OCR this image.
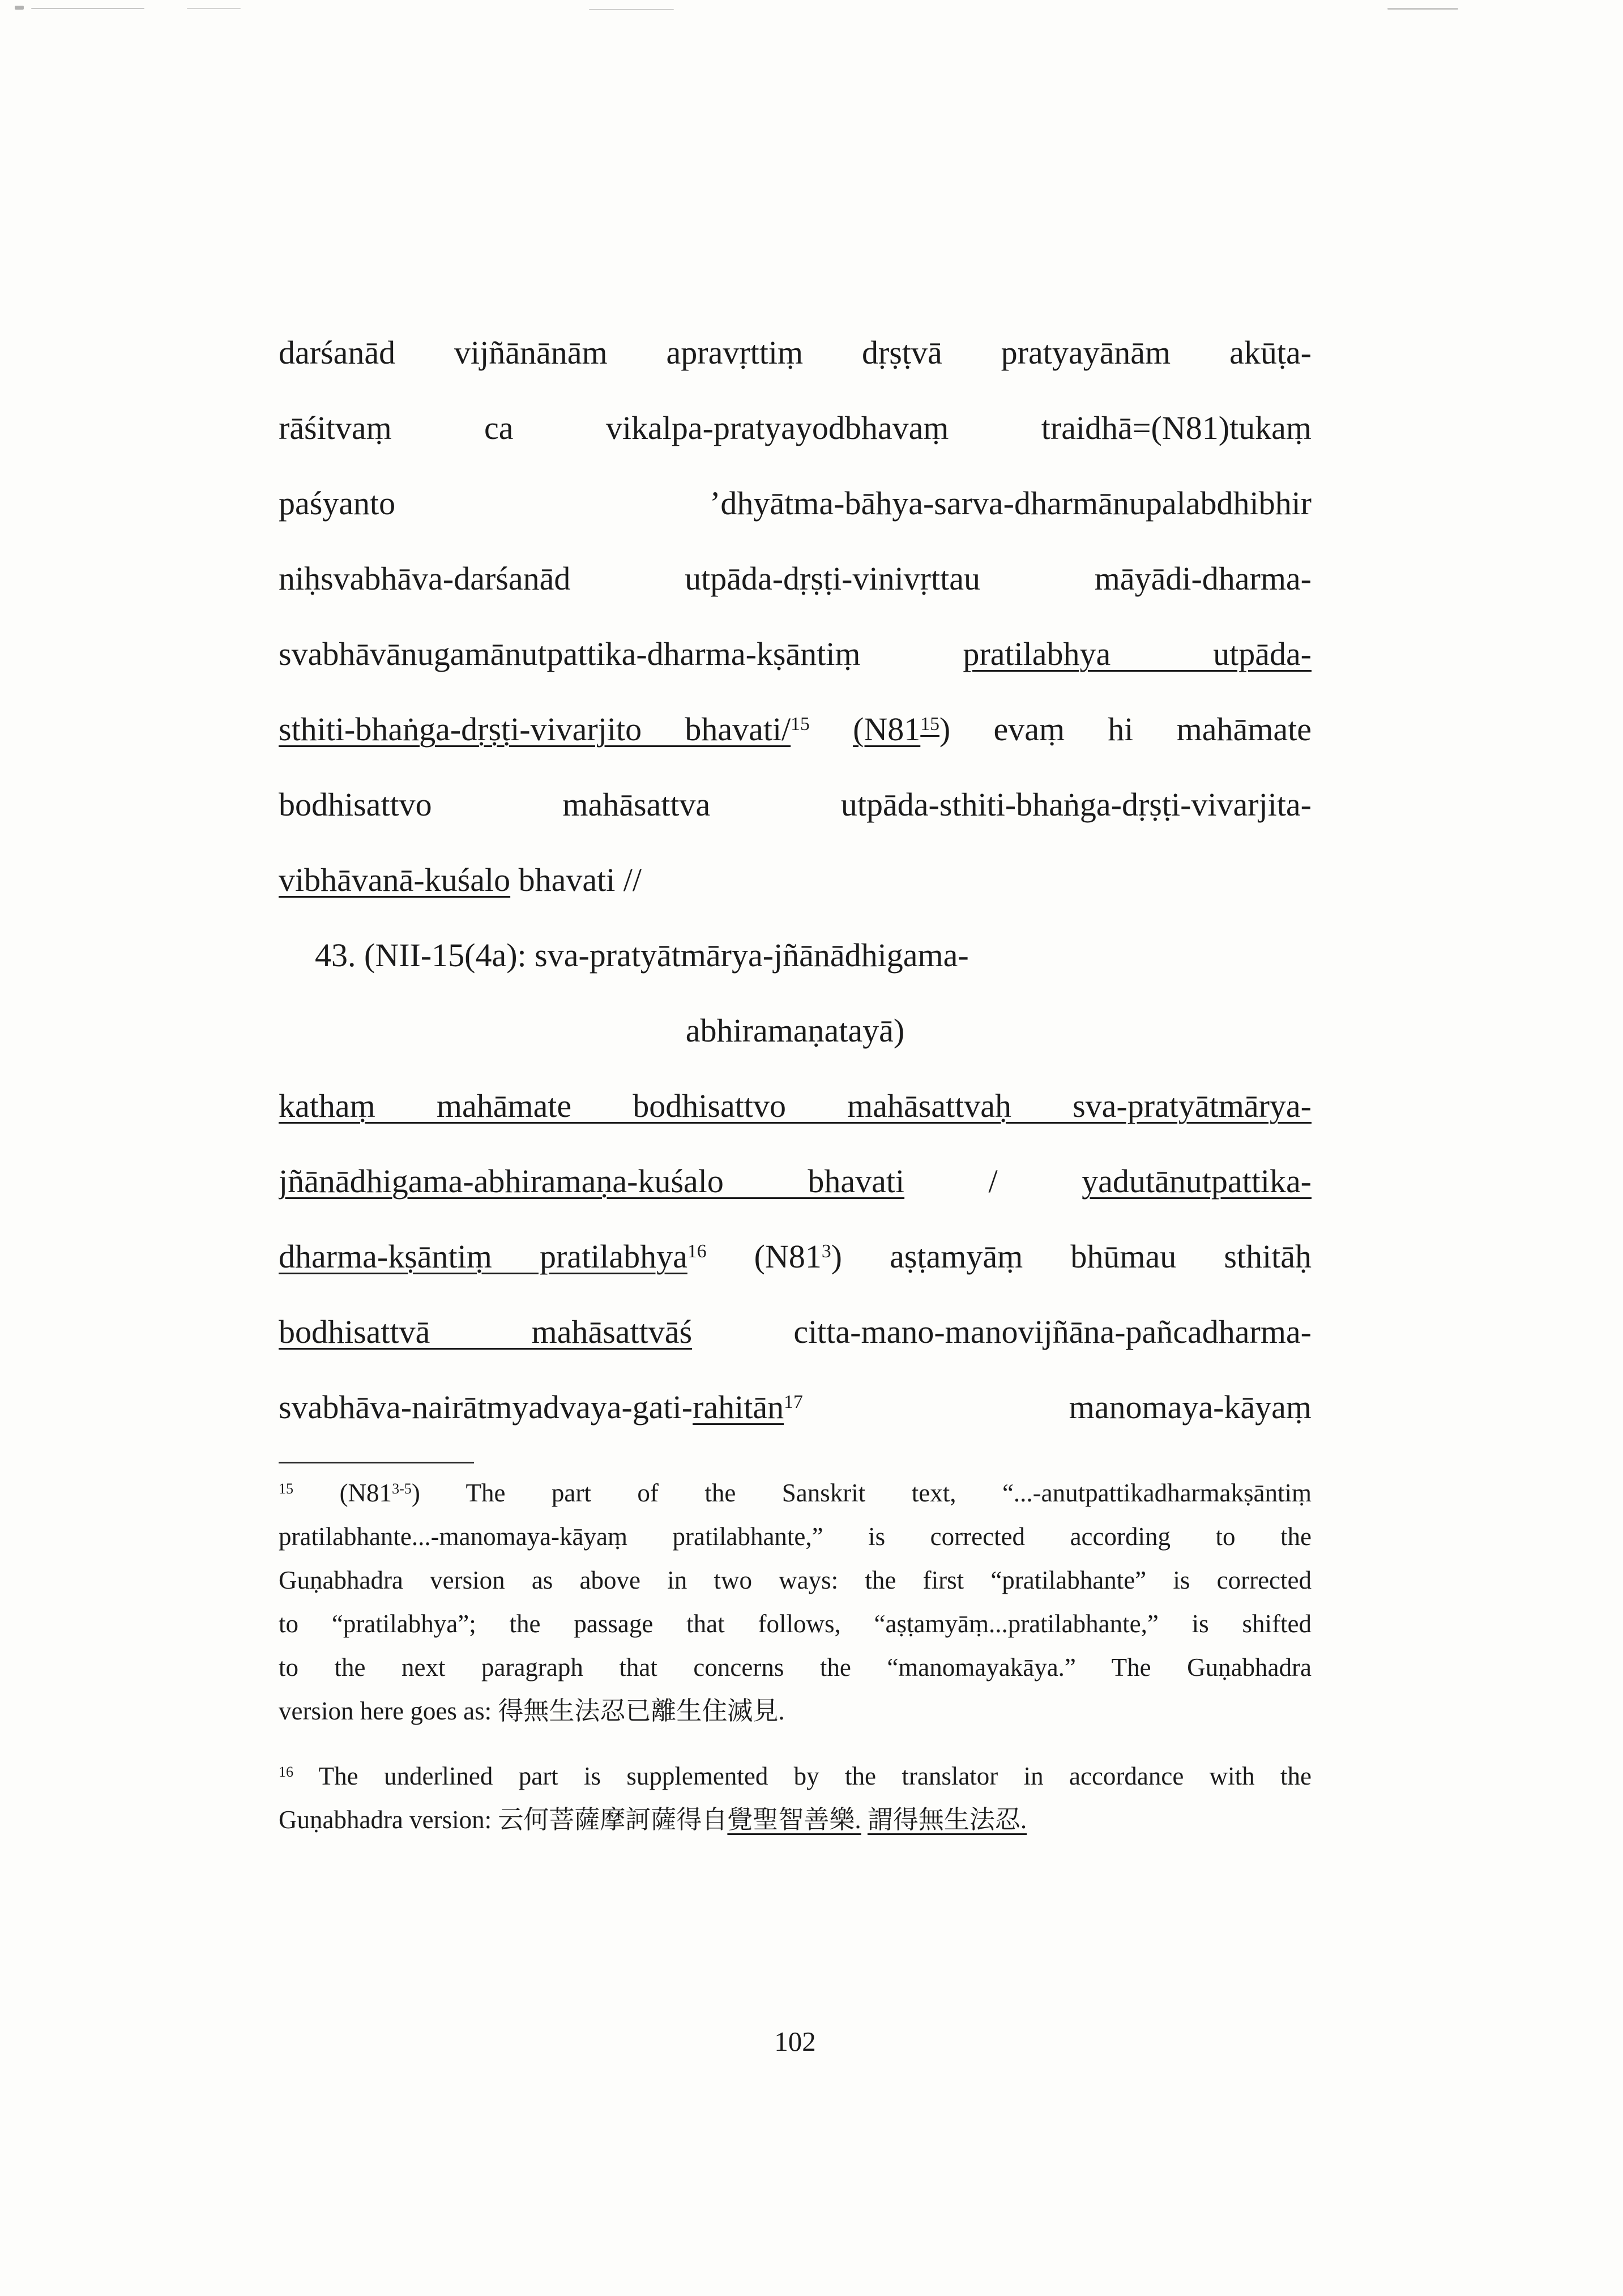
darśanād vijñānānām apravṛttiṃ dṛṣṭvā pratyayānām akūṭa-
rāśitvaṃ ca vikalpa-pratyayodbhavaṃ traidhā=(N81)tukaṃ
paśyanto ’dhyātma-bāhya-sarva-dharmānupalabdhibhir
niḥsvabhāva-darśanād utpāda-dṛṣṭi-vinivṛttau māyādi-dharma-
svabhāvānugamānutpattika-dharma-kṣāntiṃ pratilabhya utpāda-
sthiti-bhaṅga-dṛṣṭi-vivarjito bhavati/$^{15}$ $(N81^{15})$ evaṃ hi mahāmate
bodhisattvo mahāsattva utpāda-sthiti-bhaṅga-dṛṣṭi-vivarjita-
vibhāvanā-kuśalo bhavati //
43. (NII-15(4a): sva-pratyātmārya-jñānādhigama-
abhiramaṇatayā)
kathaṃ mahāmate bodhisattvo mahāsattvaḥ sva-pratyātmārya-
jñānādhigama-abhiramaṇa-kuśalo bhavati / yadutānutpattika-
dharma-kṣāntiṃ pratilabhya$^{16}$ $(N81^3)$ aṣṭamyāṃ bhūmau sthitāḥ
bodhisattvā mahāsattvāś citta-mano-manovijñāna-pañcadharma-
svabhāva-nairātmyadvaya-gati-rahitān$^{17}$ manomaya-kāyaṃ
$^{15}$ (N81$^{3-5}$) The part of the Sanskrit text, “...-anutpattikadharmakṣāntiṃ
pratilabhante...-manomaya-kāyaṃ pratilabhante,” is corrected according to the
Guṇabhadra version as above in two ways: the first “pratilabhante” is corrected
to “pratilabhya”; the passage that follows, “aṣṭamyāṃ...pratilabhante,” is shifted
to the next paragraph that concerns the “manomayakāya.” The Guṇabhadra
version here goes as: 得無生法忍已離生住滅見.
$^{16}$ The underlined part is supplemented by the translator in accordance with the
Guṇabhadra version: 云何菩薩摩訶薩得自覺聖智善樂. 謂得無生法忍.
102
